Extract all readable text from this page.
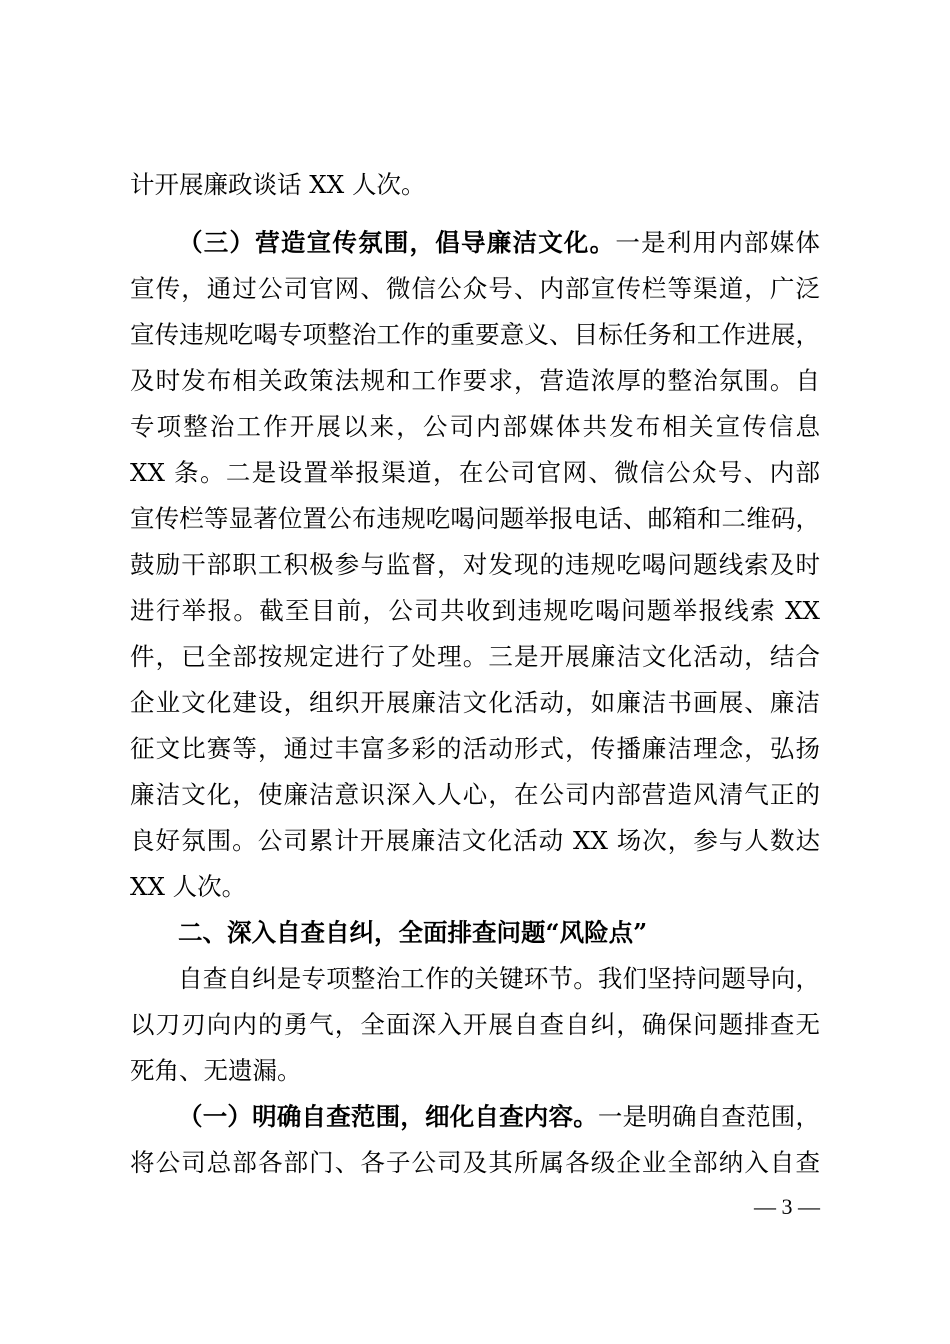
计开展廉政谈话 XX 人次。
（三）营造宣传氛围，倡导廉洁文化。一是利用内部媒体
宣传，通过公司官网、微信公众号、内部宣传栏等渠道，广泛
宣传违规吃喝专项整治工作的重要意义、目标任务和工作进展，
及时发布相关政策法规和工作要求，营造浓厚的整治氛围。自
专项整治工作开展以来，公司内部媒体共发布相关宣传信息
XX 条。二是设置举报渠道，在公司官网、微信公众号、内部
宣传栏等显著位置公布违规吃喝问题举报电话、邮箱和二维码，
鼓励干部职工积极参与监督，对发现的违规吃喝问题线索及时
进行举报。截至目前，公司共收到违规吃喝问题举报线索 XX
件，已全部按规定进行了处理。三是开展廉洁文化活动，结合
企业文化建设，组织开展廉洁文化活动，如廉洁书画展、廉洁
征文比赛等，通过丰富多彩的活动形式，传播廉洁理念，弘扬
廉洁文化，使廉洁意识深入人心，在公司内部营造风清气正的
良好氛围。公司累计开展廉洁文化活动 XX 场次，参与人数达
XX 人次。
二、深入自查自纠，全面排查问题“风险点”
自查自纠是专项整治工作的关键环节。我们坚持问题导向，
以刀刃向内的勇气，全面深入开展自查自纠，确保问题排查无
死角、无遗漏。
（一）明确自查范围，细化自查内容。一是明确自查范围，
将公司总部各部门、各子公司及其所属各级企业全部纳入自查
— 3 —
